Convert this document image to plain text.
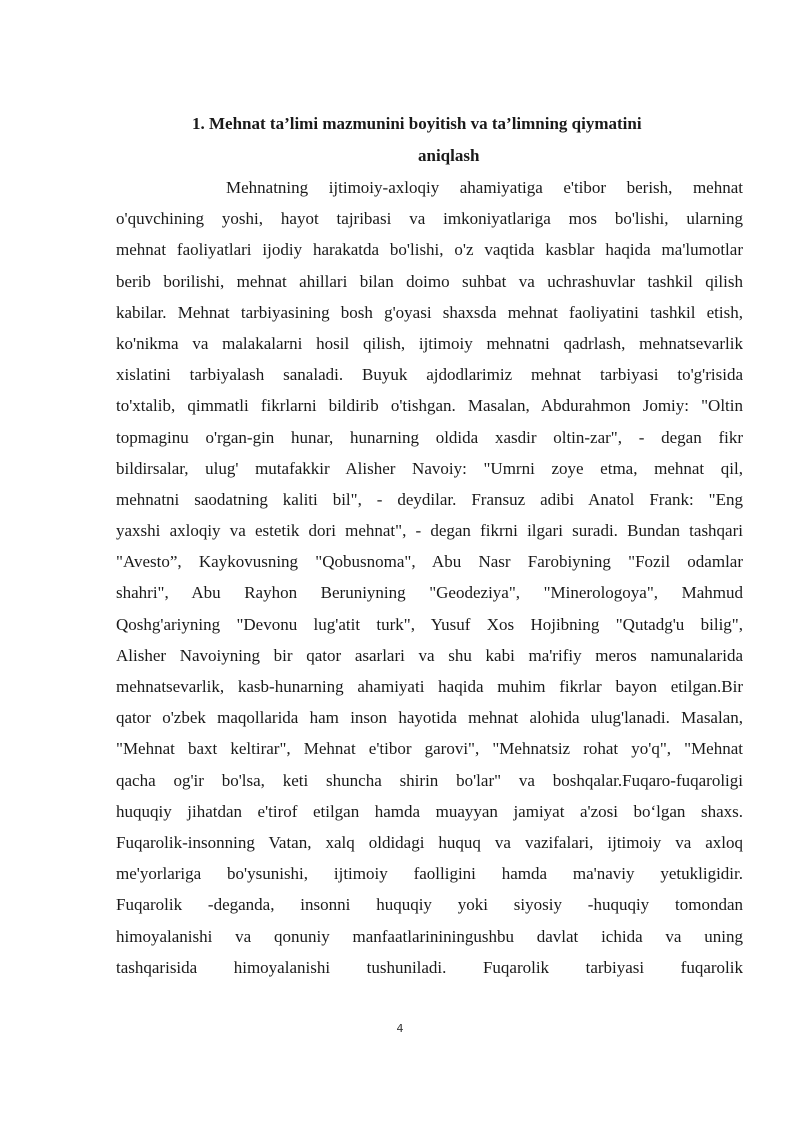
1. Mehnat ta’limi mazmunini boyitish va ta’limning qiymatini
aniqlash
Mehnatning ijtimoiy-axloqiy ahamiyatiga e'tibor berish, mehnat
o'quvchining yoshi, hayot tajribasi va imkoniyatlariga mos bo'lishi, ularning
mehnat faoliyatlari ijodiy harakatda bo'lishi, o'z vaqtida kasblar haqida ma'lumotlar
berib borilishi, mehnat ahillari bilan doimo suhbat va uchrashuvlar tashkil qilish
kabilar. Mehnat tarbiyasining bosh g'oyasi shaxsda mehnat faoliyatini tashkil etish,
ko'nikma va malakalarni hosil qilish, ijtimoiy mehnatni qadrlash, mehnatsevarlik
xislatini tarbiyalash sanaladi. Buyuk ajdodlarimiz mehnat tarbiyasi to'g'risida
to'xtalib, qimmatli fikrlarni bildirib o'tishgan. Masalan, Abdurahmon Jomiy: "Oltin
topmaginu o'rgan-gin hunar, hunarning oldida xasdir oltin-zar", - degan fikr
bildirsalar, ulug' mutafakkir Alisher Navoiy: "Umrni zoye etma, mehnat qil,
mehnatni saodatning kaliti bil", - deydilar. Fransuz adibi Anatol Frank: "Eng
yaxshi axloqiy va estetik dori mehnat", - degan fikrni ilgari suradi. Bundan tashqari
"Avesto”, Kaykovusning "Qobusnoma", Abu Nasr Farobiyning "Fozil odamlar
shahri", Abu Rayhon Beruniyning "Geodeziya", "Minerologoya", Mahmud
Qoshg'ariyning "Devonu lug'atit turk", Yusuf Xos Hojibning "Qutadg'u bilig",
Alisher Navoiyning bir qator asarlari va shu kabi ma'rifiy meros namunalarida
mehnatsevarlik, kasb-hunarning ahamiyati haqida muhim fikrlar bayon etilgan.Bir
qator o'zbek maqollarida ham inson hayotida mehnat alohida ulug'lanadi. Masalan,
"Mehnat baxt keltirar", Mehnat e'tibor garovi", "Mehnatsiz rohat yo'q", "Mehnat
qacha og'ir bo'lsa, keti shuncha shirin bo'lar" va boshqalar.Fuqaro-fuqaroligi
huquqiy jihatdan e'tirof etilgan hamda muayyan jamiyat a'zosi bo‘lgan shaxs.
Fuqarolik-insonning Vatan, xalq oldidagi huquq va vazifalari, ijtimoiy va axloq
me'yorlariga bo'ysunishi, ijtimoiy faolligini hamda ma'naviy yetukligidir.
Fuqarolik -deganda, insonni huquqiy yoki siyosiy -huquqiy tomondan
himoyalanishi va qonuniy manfaatlarininingushbu davlat ichida va uning
tashqarisida himoyalanishi tushuniladi. Fuqarolik tarbiyasi fuqarolik
4
